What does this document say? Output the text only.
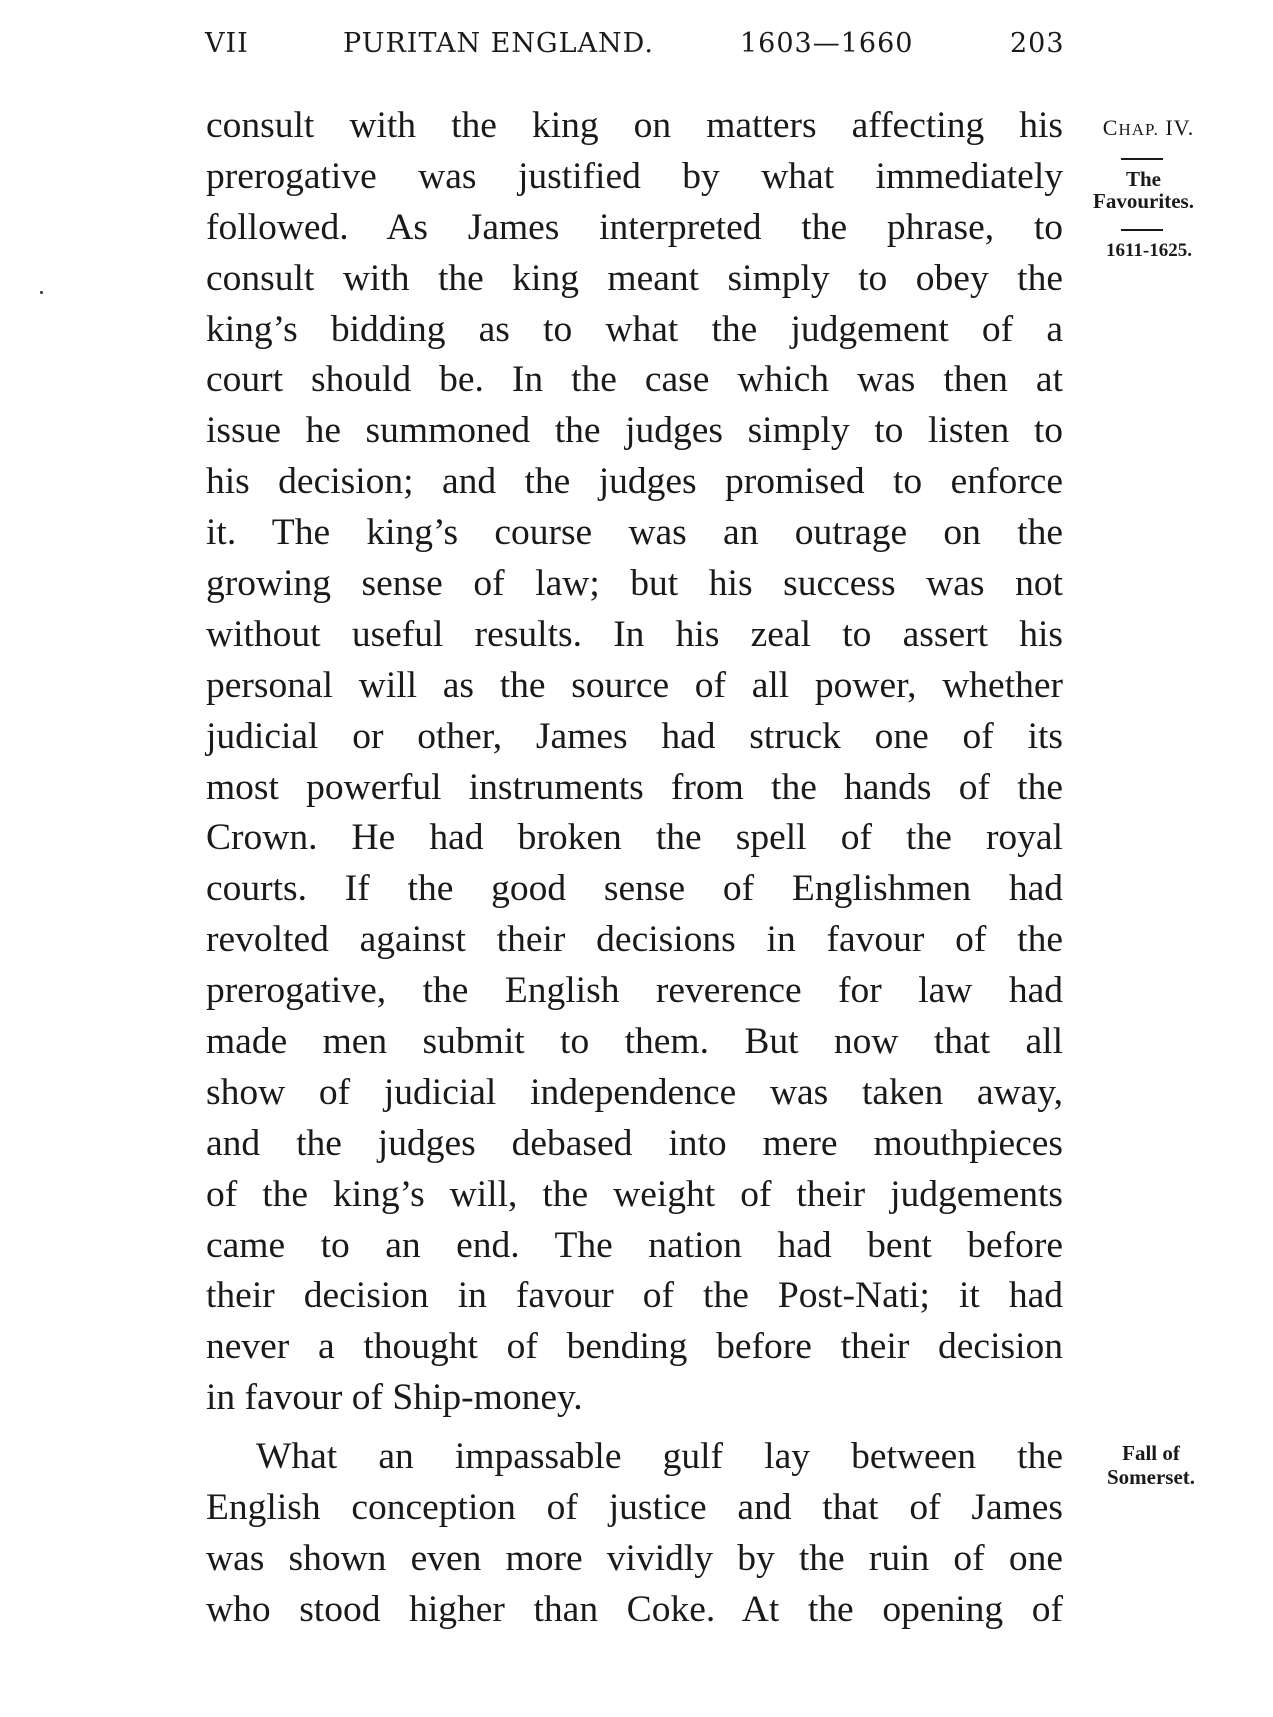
VII	PURITAN ENGLAND.	1603—1660	203
CHAP. IV.
The
Favourites.
1611-1625.
Fall of
Somerset.
consult with the king on matters affecting his
prerogative was justified by what immediately
followed. As James interpreted the phrase, to
consult with the king meant simply to obey the
king’s bidding as to what the judgement of a
court should be. In the case which was then at
issue he summoned the judges simply to listen to
his decision; and the judges promised to enforce
it. The king’s course was an outrage on the
growing sense of law; but his success was not
without useful results. In his zeal to assert his
personal will as the source of all power, whether
judicial or other, James had struck one of its
most powerful instruments from the hands of the
Crown. He had broken the spell of the royal
courts. If the good sense of Englishmen had
revolted against their decisions in favour of the
prerogative, the English reverence for law had
made men submit to them. But now that all
show of judicial independence was taken away,
and the judges debased into mere mouthpieces
of the king’s will, the weight of their judgements
came to an end. The nation had bent before
their decision in favour of the Post-Nati; it had
never a thought of bending before their decision
in favour of Ship-money.
What an impassable gulf lay between the
English conception of justice and that of James
was shown even more vividly by the ruin of one
who stood higher than Coke. At the opening of
